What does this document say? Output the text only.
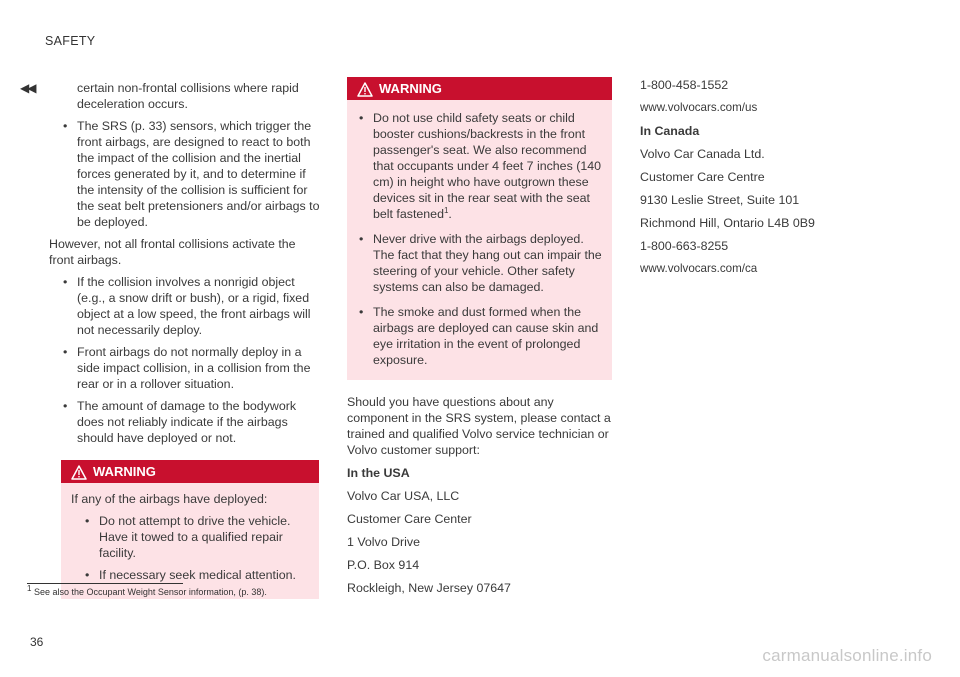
SAFETY
◀◀	certain non-frontal collisions where rapid deceleration occurs.
• The SRS (p. 33) sensors, which trigger the front airbags, are designed to react to both the impact of the collision and the inertial forces generated by it, and to determine if the intensity of the collision is sufficient for the seat belt pretensioners and/or airbags to be deployed.

However, not all frontal collisions activate the front airbags.

• If the collision involves a nonrigid object (e.g., a snow drift or bush), or a rigid, fixed object at a low speed, the front airbags will not necessarily deploy.
• Front airbags do not normally deploy in a side impact collision, in a collision from the rear or in a rollover situation.
• The amount of damage to the bodywork does not reliably indicate if the airbags should have deployed or not.
WARNING

If any of the airbags have deployed:

• Do not attempt to drive the vehicle. Have it towed to a qualified repair facility.
• If necessary seek medical attention.
WARNING
• Do not use child safety seats or child booster cushions/backrests in the front passenger's seat. We also recommend that occupants under 4 feet 7 inches (140 cm) in height who have outgrown these devices sit in the rear seat with the seat belt fastened$^1$.
• Never drive with the airbags deployed. The fact that they hang out can impair the steering of your vehicle. Other safety systems can also be damaged.
• The smoke and dust formed when the airbags are deployed can cause skin and eye irritation in the event of prolonged exposure.

Should you have questions about any component in the SRS system, please contact a trained and qualified Volvo service technician or Volvo customer support:

In the USA

Volvo Car USA, LLC

Customer Care Center

1 Volvo Drive

P.O. Box 914

Rockleigh, New Jersey 07647

1-800-458-1552

www.volvocars.com/us

In Canada

Volvo Car Canada Ltd.

Customer Care Centre

9130 Leslie Street, Suite 101

Richmond Hill, Ontario L4B 0B9

1-800-663-8255

www.volvocars.com/ca

$^1$ See also the Occupant Weight Sensor information, (p. 38).
36
carmanualsonline.info
